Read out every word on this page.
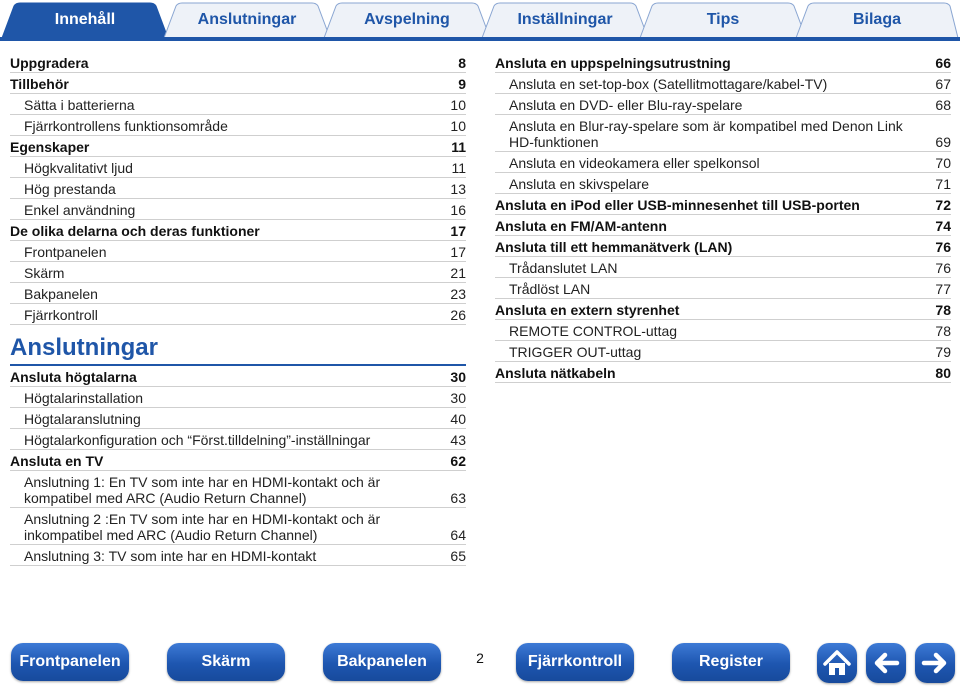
Innehåll	Anslutningar	Avspelning	Inställningar	Tips	Bilaga
Uppgradera	8
Tillbehör	9
Sätta i batterierna	10
Fjärrkontrollens funktionsområde	10
Egenskaper	11
Högkvalitativt ljud	11
Hög prestanda	13
Enkel användning	16
De olika delarna och deras funktioner	17
Frontpanelen	17
Skärm	21
Bakpanelen	23
Fjärrkontroll	26
Anslutningar
Ansluta högtalarna	30
Högtalarinstallation	30
Högtalaranslutning	40
Högtalarkonfiguration och “Först.tilldelning”-inställningar	43
Ansluta en TV	62
Anslutning 1: En TV som inte har en HDMI-kontakt och är kompatibel med ARC (Audio Return Channel)	63
Anslutning 2 :En TV som inte har en HDMI-kontakt och är inkompatibel med ARC (Audio Return Channel)	64
Anslutning 3: TV som inte har en HDMI-kontakt	65
Ansluta en uppspelningsutrustning	66
Ansluta en set-top-box (Satellitmottagare/kabel-TV)	67
Ansluta en DVD- eller Blu-ray-spelare	68
Ansluta en Blur-ray-spelare som är kompatibel med Denon Link HD-funktionen	69
Ansluta en videokamera eller spelkonsol	70
Ansluta en skivspelare	71
Ansluta en iPod eller USB-minnesenhet till USB-porten	72
Ansluta en FM/AM-antenn	74
Ansluta till ett hemmanätverk (LAN)	76
Trådanslutet LAN	76
Trådlöst LAN	77
Ansluta en extern styrenhet	78
REMOTE CONTROL-uttag	78
TRIGGER OUT-uttag	79
Ansluta nätkabeln	80
Frontpanelen	Skärm	Bakpanelen	2	Fjärrkontroll	Register
